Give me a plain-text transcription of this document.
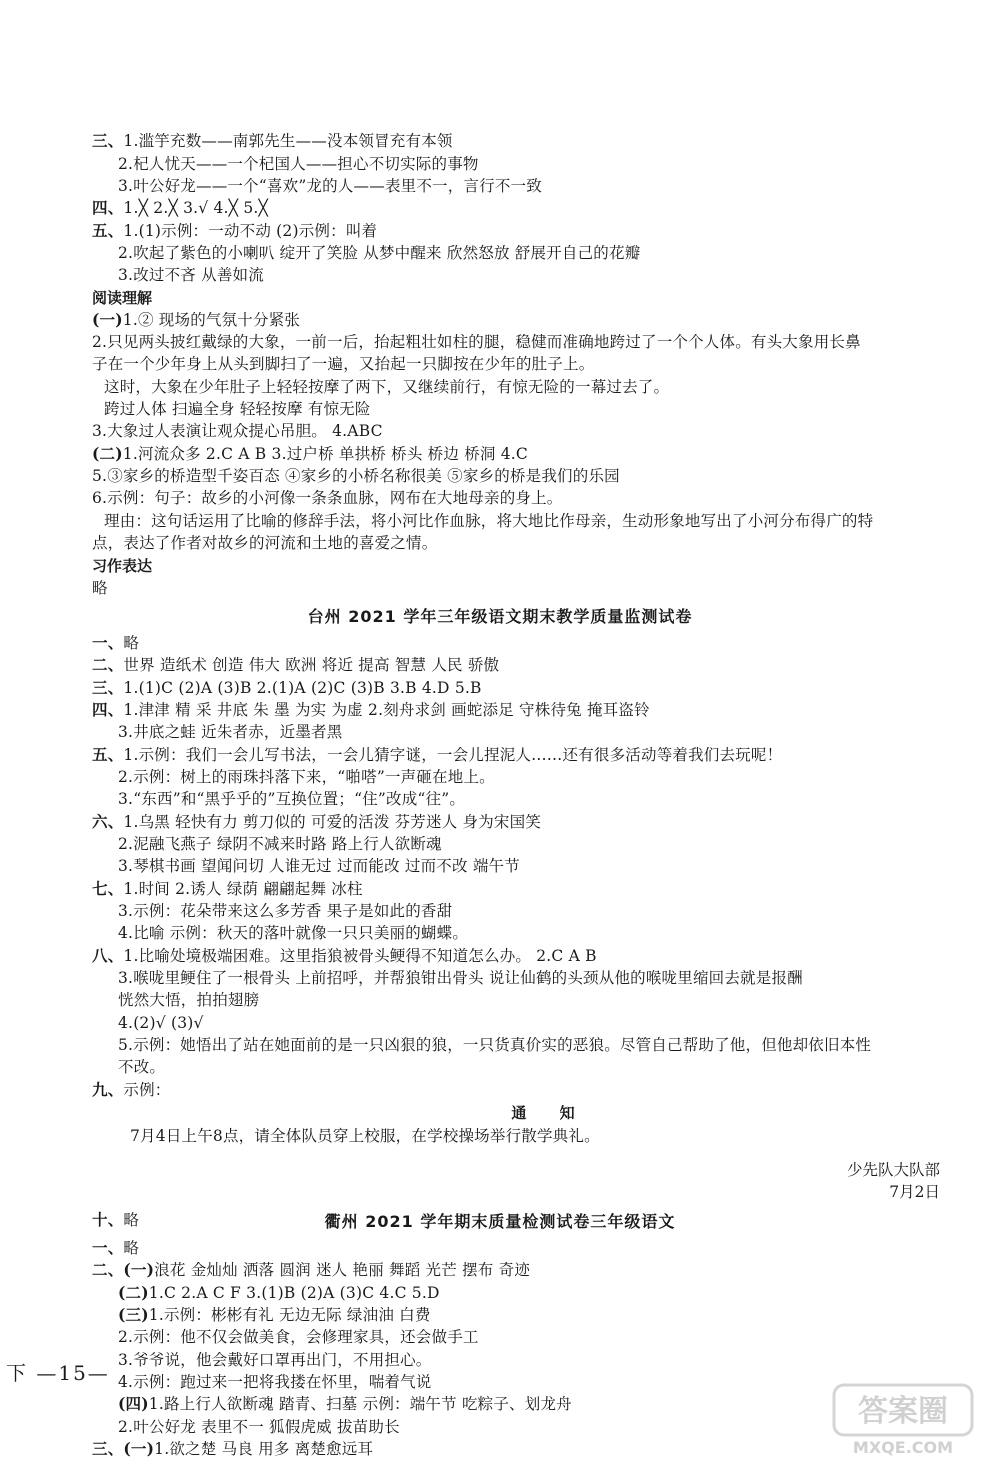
三、1.滥竽充数——南郭先生——没本领冒充有本领
2.杞人忧天——一个杞国人——担心不切实际的事物
3.叶公好龙——一个“喜欢”龙的人——表里不一，言行不一致
四、1.╳ 2.╳ 3.√ 4.╳ 5.╳
五、1.(1)示例：一动不动 (2)示例：叫着
2.吹起了紫色的小喇叭 绽开了笑脸 从梦中醒来 欣然怒放 舒展开自己的花瓣
3.改过不吝 从善如流
(一)1.② 现场的气氛十分紧张
2.只见两头披红戴绿的大象，一前一后，抬起粗壮如柱的腿，稳健而准确地跨过了一个个人体。有头大象用长鼻
子在一个少年身上从头到脚扫了一遍，又抬起一只脚按在少年的肚子上。
这时，大象在少年肚子上轻轻按摩了两下，又继续前行，有惊无险的一幕过去了。
跨过人体 扫遍全身 轻轻按摩 有惊无险
3.大象过人表演让观众提心吊胆。 4.ABC
(二)1.河流众多 2.C A B 3.过户桥 单拱桥 桥头 桥边 桥洞 4.C
5.③家乡的桥造型千姿百态 ④家乡的小桥名称很美 ⑤家乡的桥是我们的乐园
6.示例：句子：故乡的小河像一条条血脉，网布在大地母亲的身上。
理由：这句话运用了比喻的修辞手法，将小河比作血脉，将大地比作母亲，生动形象地写出了小河分布得广的特
点，表达了作者对故乡的河流和土地的喜爱之情。
略
一、略
二、世界 造纸术 创造 伟大 欧洲 将近 提高 智慧 人民 骄傲
三、1.(1)C (2)A (3)B 2.(1)A (2)C (3)B 3.B 4.D 5.B
四、1.津津 精 采 井底 朱 墨 为实 为虚 2.刻舟求剑 画蛇添足 守株待兔 掩耳盗铃
3.井底之蛙 近朱者赤，近墨者黑
五、1.示例：我们一会儿写书法，一会儿猜字谜，一会儿捏泥人……还有很多活动等着我们去玩呢！
2.示例：树上的雨珠抖落下来，“啪嗒”一声砸在地上。
3.“东西”和“黑乎乎的”互换位置；“住”改成“往”。
六、1.乌黑 轻快有力 剪刀似的 可爱的活泼 芬芳迷人 身为宋国笑
2.泥融飞燕子 绿阴不减来时路 路上行人欲断魂
3.琴棋书画 望闻问切 人谁无过 过而能改 过而不改 端午节
七、1.时间 2.诱人 绿荫 翩翩起舞 冰柱
3.示例：花朵带来这么多芳香 果子是如此的香甜
4.比喻 示例：秋天的落叶就像一只只美丽的蝴蝶。
八、1.比喻处境极端困难。这里指狼被骨头鲠得不知道怎么办。 2.C A B
3.喉咙里鲠住了一根骨头 上前招呼，并帮狼钳出骨头 说让仙鹤的头颈从他的喉咙里缩回去就是报酬
恍然大悟，拍拍翅膀
4.(2)√ (3)√
5.示例：她悟出了站在她面前的是一只凶狠的狼，一只货真价实的恶狼。尽管自己帮助了他，但他却依旧本性
不改。
九、示例：
7月4日上午8点，请全体队员穿上校服，在学校操场举行散学典礼。
一、略
二、(一)浪花 金灿灿 洒落 圆润 迷人 艳丽 舞蹈 光芒 摆布 奇迹
(二)1.C 2.A C F 3.(1)B (2)A (3)C 4.C 5.D
(三)1.示例：彬彬有礼 无边无际 绿油油 白费
2.示例：他不仅会做美食，会修理家具，还会做手工
3.爷爷说，他会戴好口罩再出门，不用担心。
4.示例：跑过来一把将我搂在怀里，喘着气说
(四)1.路上行人欲断魂 踏青、扫墓 示例：端午节 吃粽子、划龙舟
2.叶公好龙 表里不一 狐假虎威 拔苗助长
三、(一)1.欲之楚 马良 用多 离楚愈远耳
阅读理解
习作表达
台州 2021 学年三年级语文期末教学质量监测试卷
通 知
少先队大队部
7月2日
十、略	衢州 2021 学年期末质量检测试卷三年级语文
下 —15—
答案圈
MXQE.COM
